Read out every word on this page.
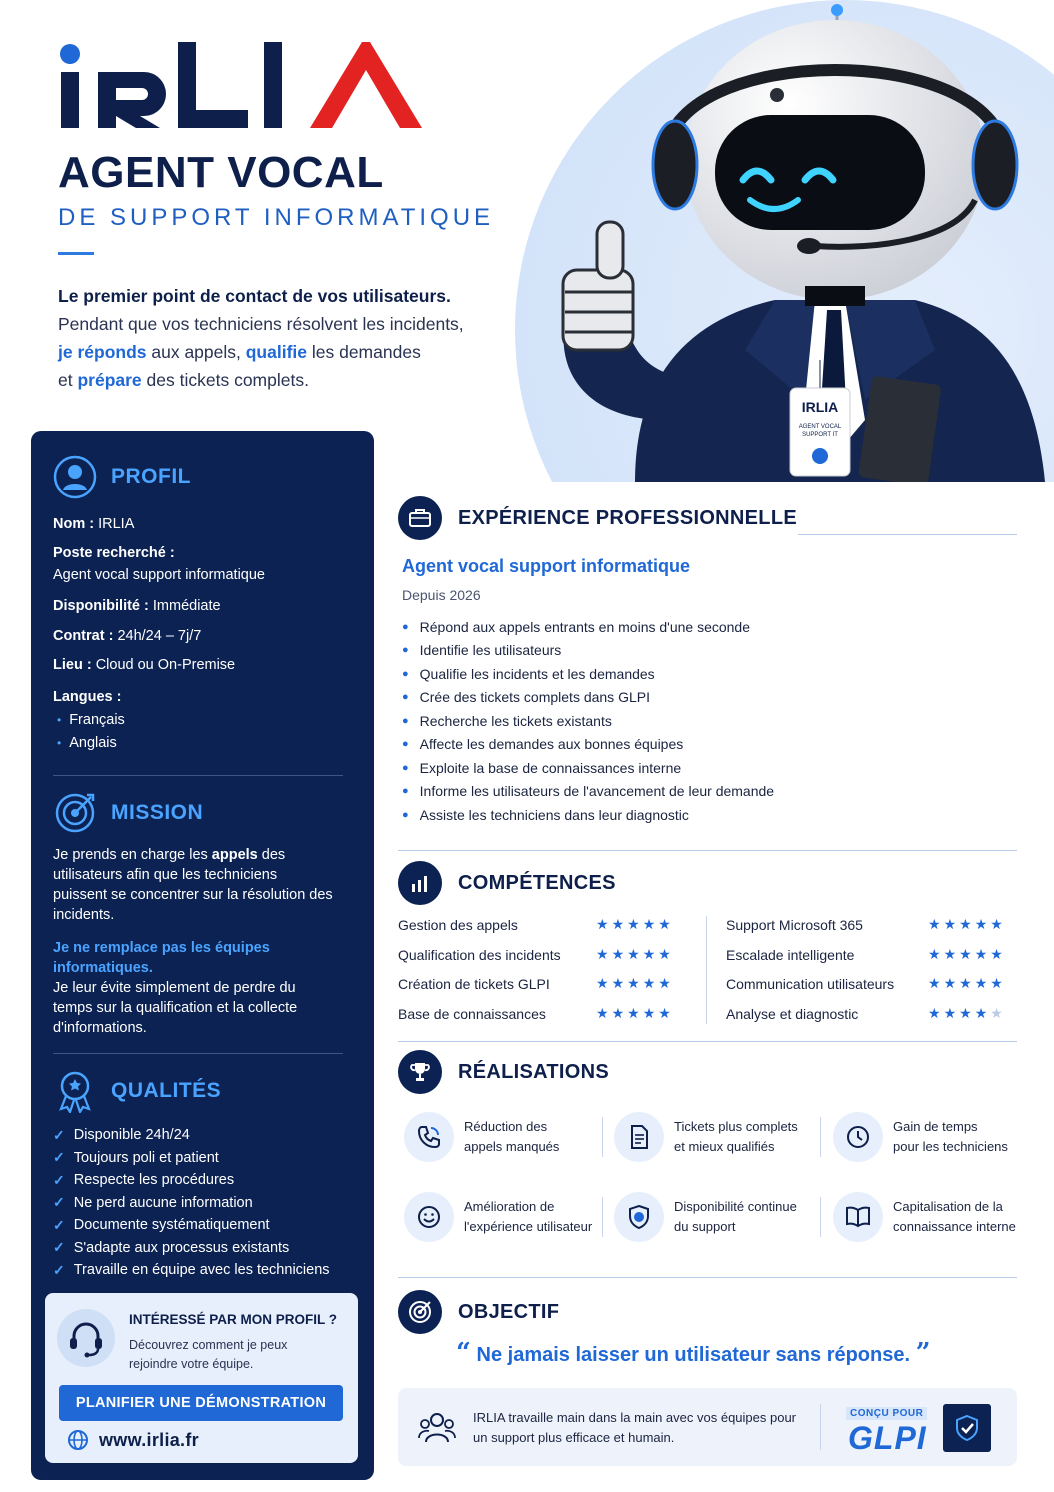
AGENT VOCAL
DE SUPPORT INFORMATIQUE
Le premier point de contact de vos utilisateurs.
Pendant que vos techniciens résolvent les incidents,
je réponds aux appels, qualifie les demandes
et prépare des tickets complets.
IRLIA
AGENT VOCAL
SUPPORT IT
PROFIL
Nom : IRLIA
Poste recherché :
Agent vocal support informatique
Disponibilité : Immédiate
Contrat : 24h/24 – 7j/7
Lieu : Cloud ou On-Premise
Langues :
• Français
• Anglais
MISSION
Je prends en charge les appels des utilisateurs afin que les techniciens puissent se concentrer sur la résolution des incidents.
Je ne remplace pas les équipes informatiques.
Je leur évite simplement de perdre du temps sur la qualification et la collecte d'informations.
QUALITÉS
✓ Disponible 24h/24
✓ Toujours poli et patient
✓ Respecte les procédures
✓ Ne perd aucune information
✓ Documente systématiquement
✓ S'adapte aux processus existants
✓ Travaille en équipe avec les techniciens
INTÉRESSÉ PAR MON PROFIL ?
Découvrez comment je peux rejoindre votre équipe.
PLANIFIER UNE DÉMONSTRATION
www.irlia.fr
EXPÉRIENCE PROFESSIONNELLE
Agent vocal support informatique
Depuis 2026
● Répond aux appels entrants en moins d'une seconde
● Identifie les utilisateurs
● Qualifie les incidents et les demandes
● Crée des tickets complets dans GLPI
● Recherche les tickets existants
● Affecte les demandes aux bonnes équipes
● Exploite la base de connaissances interne
● Informe les utilisateurs de l'avancement de leur demande
● Assiste les techniciens dans leur diagnostic
COMPÉTENCES
Gestion des appels	★★★★★
Qualification des incidents	★★★★★
Création de tickets GLPI	★★★★★
Base de connaissances	★★★★★
Support Microsoft 365	★★★★★
Escalade intelligente	★★★★★
Communication utilisateurs ★★★★★
Analyse et diagnostic	★★★★★
RÉALISATIONS
Réduction des
appels manqués
Tickets plus complets
et mieux qualifiés
Gain de temps
pour les techniciens
Amélioration de
l'expérience utilisateur
Disponibilité continue
du support
Capitalisation de la
connaissance interne
OBJECTIF
“ Ne jamais laisser un utilisateur sans réponse. ”
IRLIA travaille main dans la main avec vos équipes pour un support plus efficace et humain.
CONÇU POUR
GLPI
